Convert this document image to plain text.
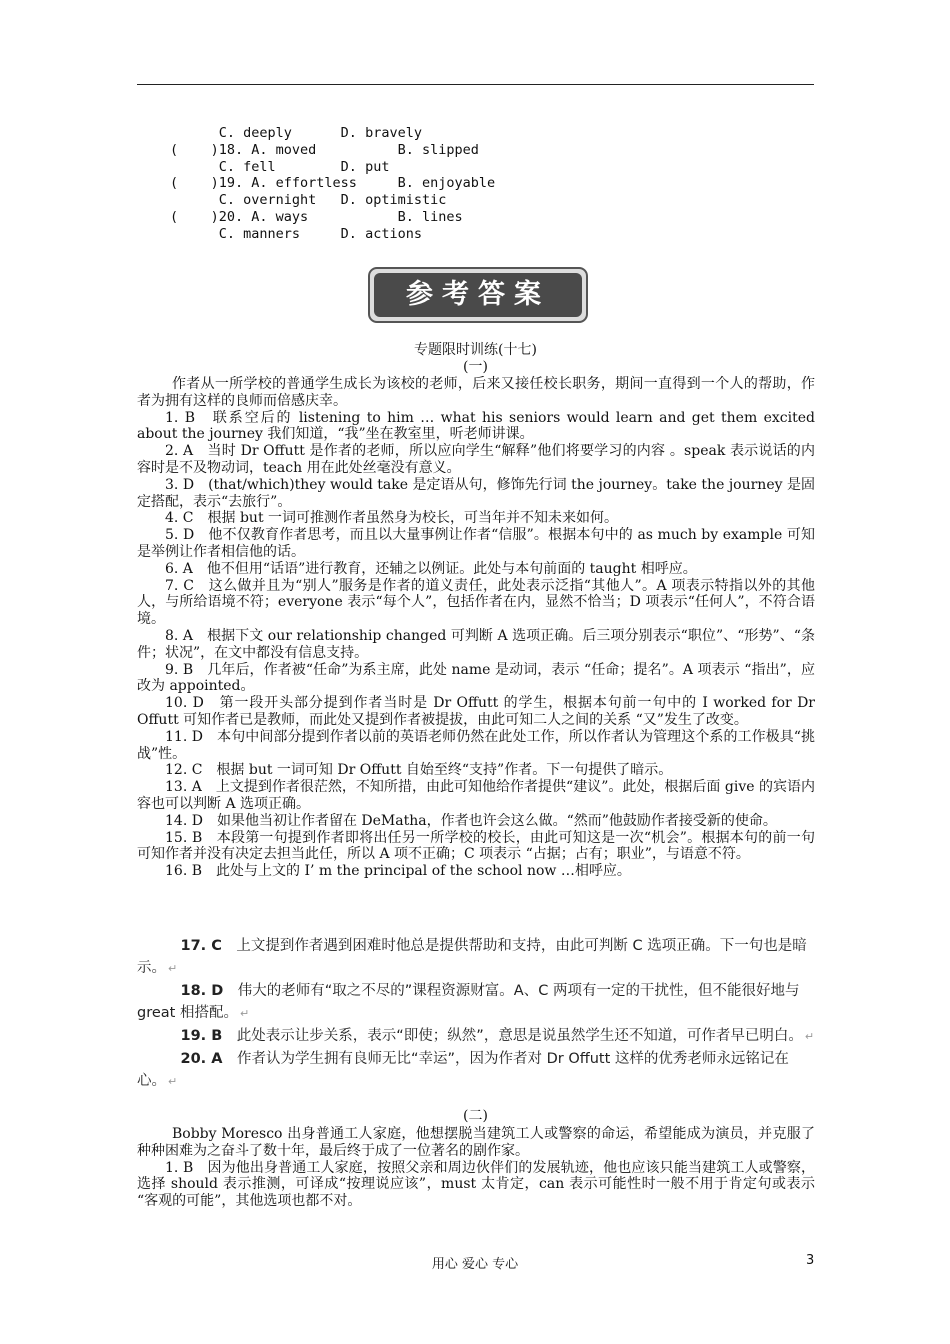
C. deeply      D. bravely
(    )18. A. moved          B. slipped
C. fell        D. put
(    )19. A. effortless     B. enjoyable
C. overnight   D. optimistic
(    )20. A. ways           B. lines
C. manners     D. actions
参考答案
专题限时训练(十七)
(一)

作者从一所学校的普通学生成长为该校的老师，后来又接任校长职务，期间一直得到一个人的帮助，作者为拥有这样的良师而倍感庆幸。

1. B　联系空后的 listening to him … what his seniors would learn and get them excited about the journey 我们知道，“我”坐在教室里，听老师讲课。

2. A　当时 Dr Offutt 是作者的老师，所以应向学生“解释”他们将要学习的内容 。speak 表示说话的内容时是不及物动词，teach 用在此处丝毫没有意义。

3. D　(that/which)they would take 是定语从句，修饰先行词 the journey。take the journey 是固定搭配，表示“去旅行”。

4. C　根据 but 一词可推测作者虽然身为校长，可当年并不知未来如何。

5. D　他不仅教育作者思考，而且以大量事例让作者“信服”。根据本句中的 as much by example 可知是举例让作者相信他的话。

6. A　他不但用“话语”进行教育，还辅之以例证。此处与本句前面的 taught 相呼应。

7. C　这么做并且为“别人”服务是作者的道义责任，此处表示泛指“其他人”。A 项表示特指以外的其他人，与所给语境不符；everyone 表示“每个人”，包括作者在内，显然不恰当；D 项表示“任何人”，不符合语境。

8. A　根据下文 our relationship changed 可判断 A 选项正确。后三项分别表示“职位”、“形势”、“条件；状况”，在文中都没有信息支持。

9. B　几年后，作者被“任命”为系主席，此处 name 是动词，表示 “任命；提名”。A 项表示 “指出”，应改为 appointed。

10. D　第一段开头部分提到作者当时是 Dr Offutt 的学生，根据本句前一句中的 I worked for Dr Offutt 可知作者已是教师，而此处又提到作者被提拔，由此可知二人之间的关系 “又”发生了改变。

11. D　本句中间部分提到作者以前的英语老师仍然在此处工作，所以作者认为管理这个系的工作极具“挑战”性。

12. C　根据 but 一词可知 Dr Offutt 自始至终“支持”作者。下一句提供了暗示。

13. A　上文提到作者很茫然，不知所措，由此可知他给作者提供“建议”。此处，根据后面 give 的宾语内容也可以判断 A 选项正确。

14. D　如果他当初让作者留在 DeMatha，作者也许会这么做。“然而”他鼓励作者接受新的使命。

15. B　本段第一句提到作者即将出任另一所学校的校长，由此可知这是一次“机会”。根据本句的前一句可知作者并没有决定去担当此任，所以 A 项不正确；C 项表示 “占据；占有；职业”，与语意不符。

16. B　此处与上文的 I’ m the principal of the school now …相呼应。

17. C　 上文提到作者遇到困难时他总是提供帮助和支持，由此可判断 C 选项正确。下一句也是暗示。 ↵

18. D　 伟大的老师有“取之不尽的”课程资源财富。A、C 两项有一定的干扰性，但不能很好地与 great 相搭配。 ↵

19. B　 此处表示让步关系，表示“即使；纵然”，意思是说虽然学生还不知道，可作者早已明白。 ↵

20. A　 作者认为学生拥有良师无比“幸运”，因为作者对 Dr Offutt 这样的优秀老师永远铭记在心。 ↵

(二)

Bobby Moresco 出身普通工人家庭，他想摆脱当建筑工人或警察的命运，希望能成为演员，并克服了种种困难为之奋斗了数十年，最后终于成了一位著名的剧作家。

1. B　因为他出身普通工人家庭，按照父亲和周边伙伴们的发展轨迹，他也应该只能当建筑工人或警察，选择 should 表示推测，可译成“按理说应该”，must 太肯定，can 表示可能性时一般不用于肯定句或表示 “客观的可能”，其他选项也都不对。

用心 爱心 专心	3
